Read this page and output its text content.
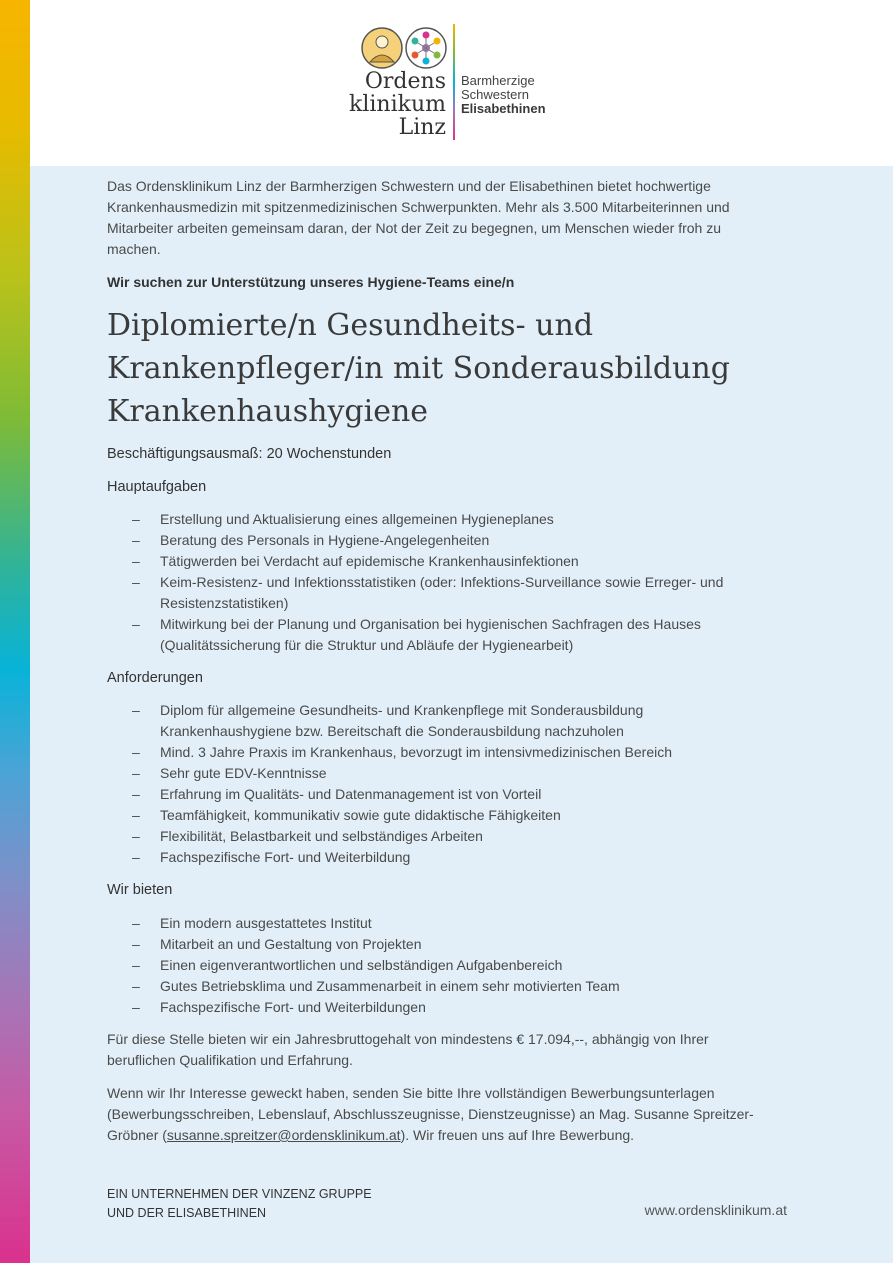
Ordens
klinikum
Linz
Barmherzige
Schwestern
Elisabethinen
Das Ordensklinikum Linz der Barmherzigen Schwestern und der Elisabethinen bietet hochwertige Krankenhausmedizin mit spitzenmedizinischen Schwerpunkten. Mehr als 3.500 Mitarbeiterinnen und Mitarbeiter arbeiten gemeinsam daran, der Not der Zeit zu begegnen, um Menschen wieder froh zu machen.
Wir suchen zur Unterstützung unseres Hygiene-Teams eine/n
Diplomierte/n Gesundheits- und
Krankenpfleger/in mit Sonderausbildung
Krankenhaushygiene
Beschäftigungsausmaß: 20 Wochenstunden
Hauptaufgaben
– Erstellung und Aktualisierung eines allgemeinen Hygieneplanes
– Beratung des Personals in Hygiene-Angelegenheiten
– Tätigwerden bei Verdacht auf epidemische Krankenhausinfektionen
– Keim-Resistenz- und Infektionsstatistiken (oder: Infektions-Surveillance sowie Erreger- und Resistenzstatistiken)
– Mitwirkung bei der Planung und Organisation bei hygienischen Sachfragen des Hauses (Qualitätssicherung für die Struktur und Abläufe der Hygienearbeit)
Anforderungen
– Diplom für allgemeine Gesundheits- und Krankenpflege mit Sonderausbildung Krankenhaushygiene bzw. Bereitschaft die Sonderausbildung nachzuholen
– Mind. 3 Jahre Praxis im Krankenhaus, bevorzugt im intensivmedizinischen Bereich
– Sehr gute EDV-Kenntnisse
– Erfahrung im Qualitäts- und Datenmanagement ist von Vorteil
– Teamfähigkeit, kommunikativ sowie gute didaktische Fähigkeiten
– Flexibilität, Belastbarkeit und selbständiges Arbeiten
– Fachspezifische Fort- und Weiterbildung
Wir bieten
– Ein modern ausgestattetes Institut
– Mitarbeit an und Gestaltung von Projekten
– Einen eigenverantwortlichen und selbständigen Aufgabenbereich
– Gutes Betriebsklima und Zusammenarbeit in einem sehr motivierten Team
– Fachspezifische Fort- und Weiterbildungen
Für diese Stelle bieten wir ein Jahresbruttogehalt von mindestens € 17.094,--, abhängig von Ihrer beruflichen Qualifikation und Erfahrung.
Wenn wir Ihr Interesse geweckt haben, senden Sie bitte Ihre vollständigen Bewerbungsunterlagen (Bewerbungsschreiben, Lebenslauf, Abschlusszeugnisse, Dienstzeugnisse) an Mag. Susanne Spreitzer-Gröbner (susanne.spreitzer@ordensklinikum.at). Wir freuen uns auf Ihre Bewerbung.
EIN UNTERNEHMEN DER VINZENZ GRUPPE
UND DER ELISABETHINEN	www.ordensklinikum.at
